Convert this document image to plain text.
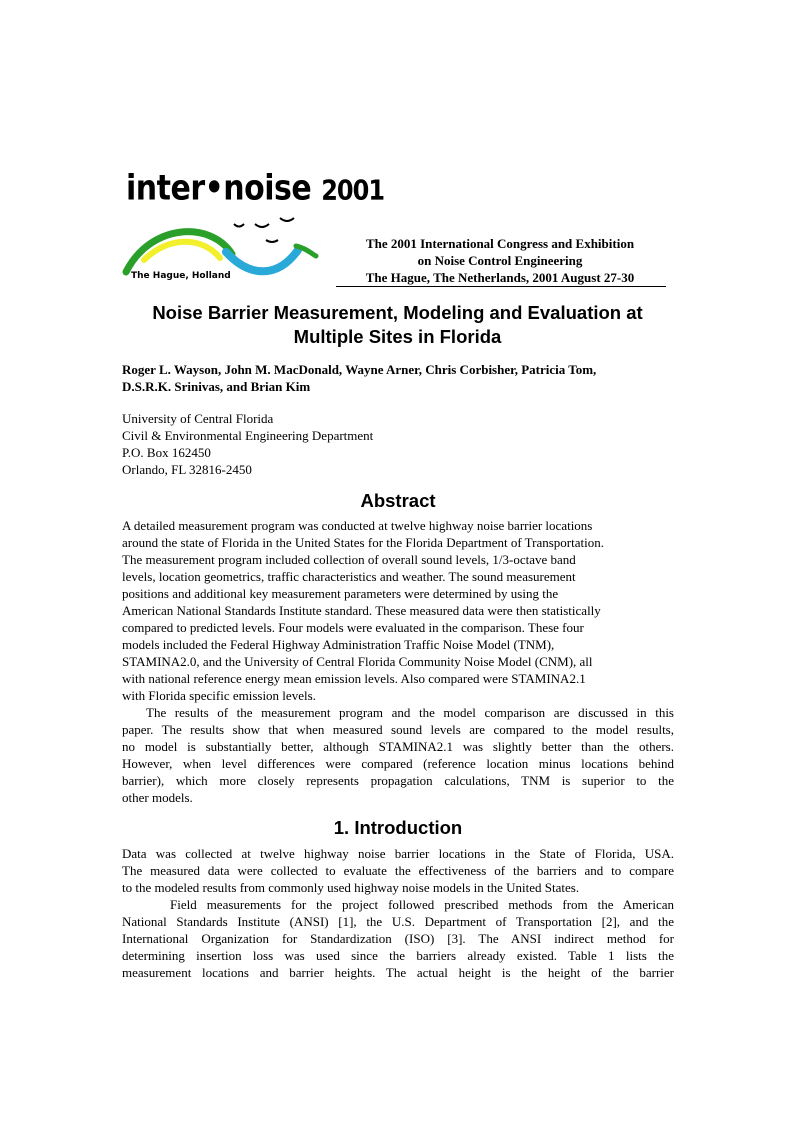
inter•noise 2001
The Hague, Holland
The 2001 International Congress and Exhibition
on Noise Control Engineering
The Hague, The Netherlands, 2001 August 27-30
Noise Barrier Measurement, Modeling and Evaluation at
Multiple Sites in Florida
Roger L. Wayson, John M. MacDonald, Wayne Arner, Chris Corbisher, Patricia Tom,
D.S.R.K. Srinivas, and Brian Kim
University of Central Florida
Civil & Environmental Engineering Department
P.O. Box 162450
Orlando, FL 32816-2450
Abstract
A detailed measurement program was conducted at twelve highway noise barrier locations
around the state of Florida in the United States for the Florida Department of Transportation.
The measurement program included collection of overall sound levels, 1/3-octave band
levels, location geometrics, traffic characteristics and weather. The sound measurement
positions and additional key measurement parameters were determined by using the
American National Standards Institute standard. These measured data were then statistically
compared to predicted levels. Four models were evaluated in the comparison. These four
models included the Federal Highway Administration Traffic Noise Model (TNM),
STAMINA2.0, and the University of Central Florida Community Noise Model (CNM), all
with national reference energy mean emission levels. Also compared were STAMINA2.1
with Florida specific emission levels.
The results of the measurement program and the model comparison are discussed in this
paper. The results show that when measured sound levels are compared to the model results,
no model is substantially better, although STAMINA2.1 was slightly better than the others.
However, when level differences were compared (reference location minus locations behind
barrier), which more closely represents propagation calculations, TNM is superior to the
other models.
1. Introduction
Data was collected at twelve highway noise barrier locations in the State of Florida, USA.
The measured data were collected to evaluate the effectiveness of the barriers and to compare
to the modeled results from commonly used highway noise models in the United States.
Field measurements for the project followed prescribed methods from the American
National Standards Institute (ANSI) [1], the U.S. Department of Transportation [2], and the
International Organization for Standardization (ISO) [3]. The ANSI indirect method for
determining insertion loss was used since the barriers already existed. Table 1 lists the
measurement locations and barrier heights. The actual height is the height of the barrier
